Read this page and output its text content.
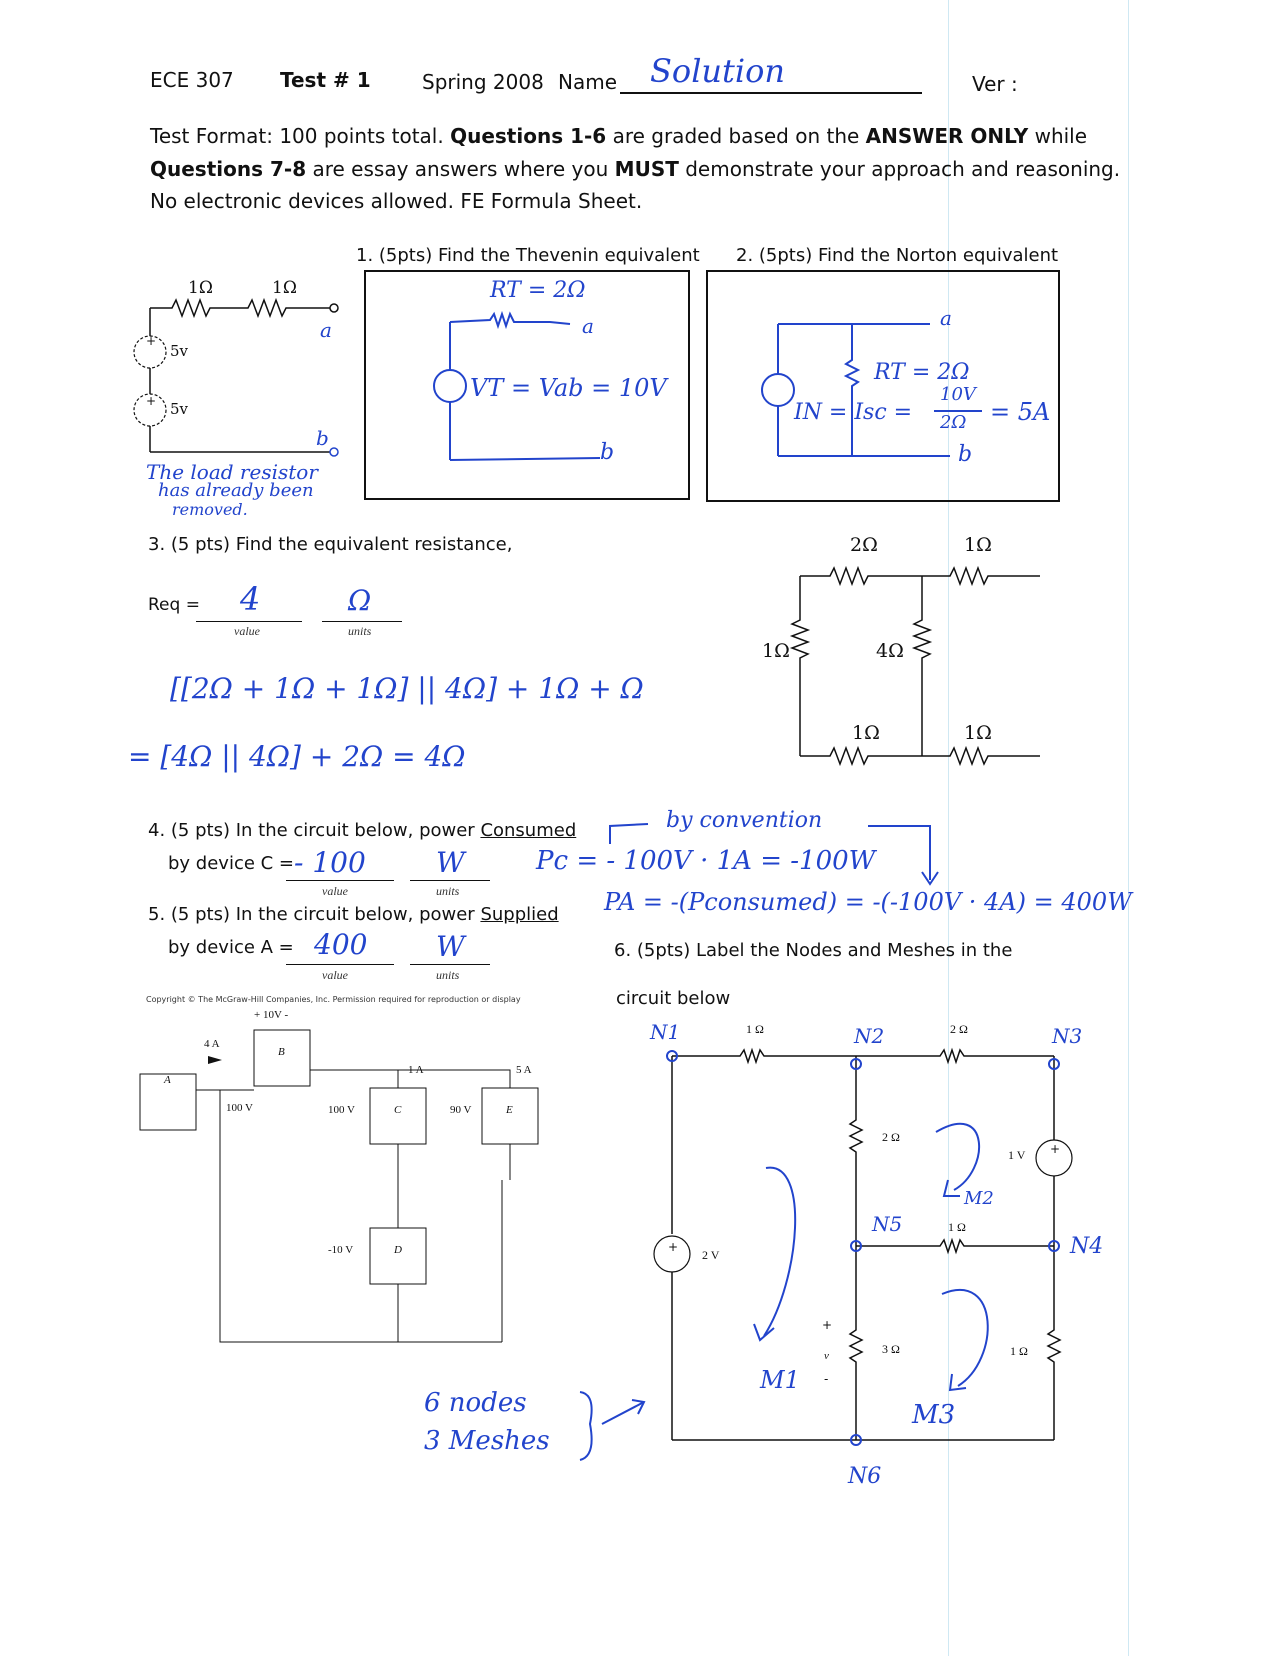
ECE 307 Test # 1	Spring 2008 Name Solution	Ver :
Test Format: 100 points total. Questions 1-6 are graded based on the ANSWER ONLY while
Questions 7-8 are essay answers where you MUST demonstrate your approach and reasoning.
No electronic devices allowed. FE Formula Sheet.
1. (5pts) Find the Thevenin equivalent
1Ω	1Ω
+
+
5v
5v
a
b
The load resistor
has already been
removed.
RT = 2Ω
a
VT = Vab = 10V
b
2. (5pts) Find the Norton equivalent
a
RT = 2Ω
IN = Isc =
10V
2Ω = 5A
b
3. (5 pts) Find the equivalent resistance,
Req = 4	Ω
value	units
[[2Ω + 1Ω + 1Ω] || 4Ω] + 1Ω + Ω
= [4Ω || 4Ω] + 2Ω = 4Ω
2Ω	1Ω
1Ω	4Ω
1Ω	1Ω
4. (5 pts) In the circuit below, power Consumed
by device C = - 100	W
value	units
by convention
Pc = - 100V · 1A = -100W
5. (5 pts) In the circuit below, power Supplied
by device A = 400 W
value	units
PA = -(Pconsumed) = -(-100V · 4A) = 400W
Copyright © The McGraw-Hill Companies, Inc. Permission required for reproduction or display
+ 10V -
4 A
A
B
C
D
E
100 V	100 V	90 V
-10 V
1 A	5 A
6. (5pts) Label the Nodes and Meshes in the
circuit below
N1	N2	N3
N4
N5
N6
M1
M2
M3
1 Ω	2 Ω
2 Ω
1 Ω
3 Ω	1 Ω
2 V
1 V
+
+
+
v
-
6 nodes
3 Meshes
